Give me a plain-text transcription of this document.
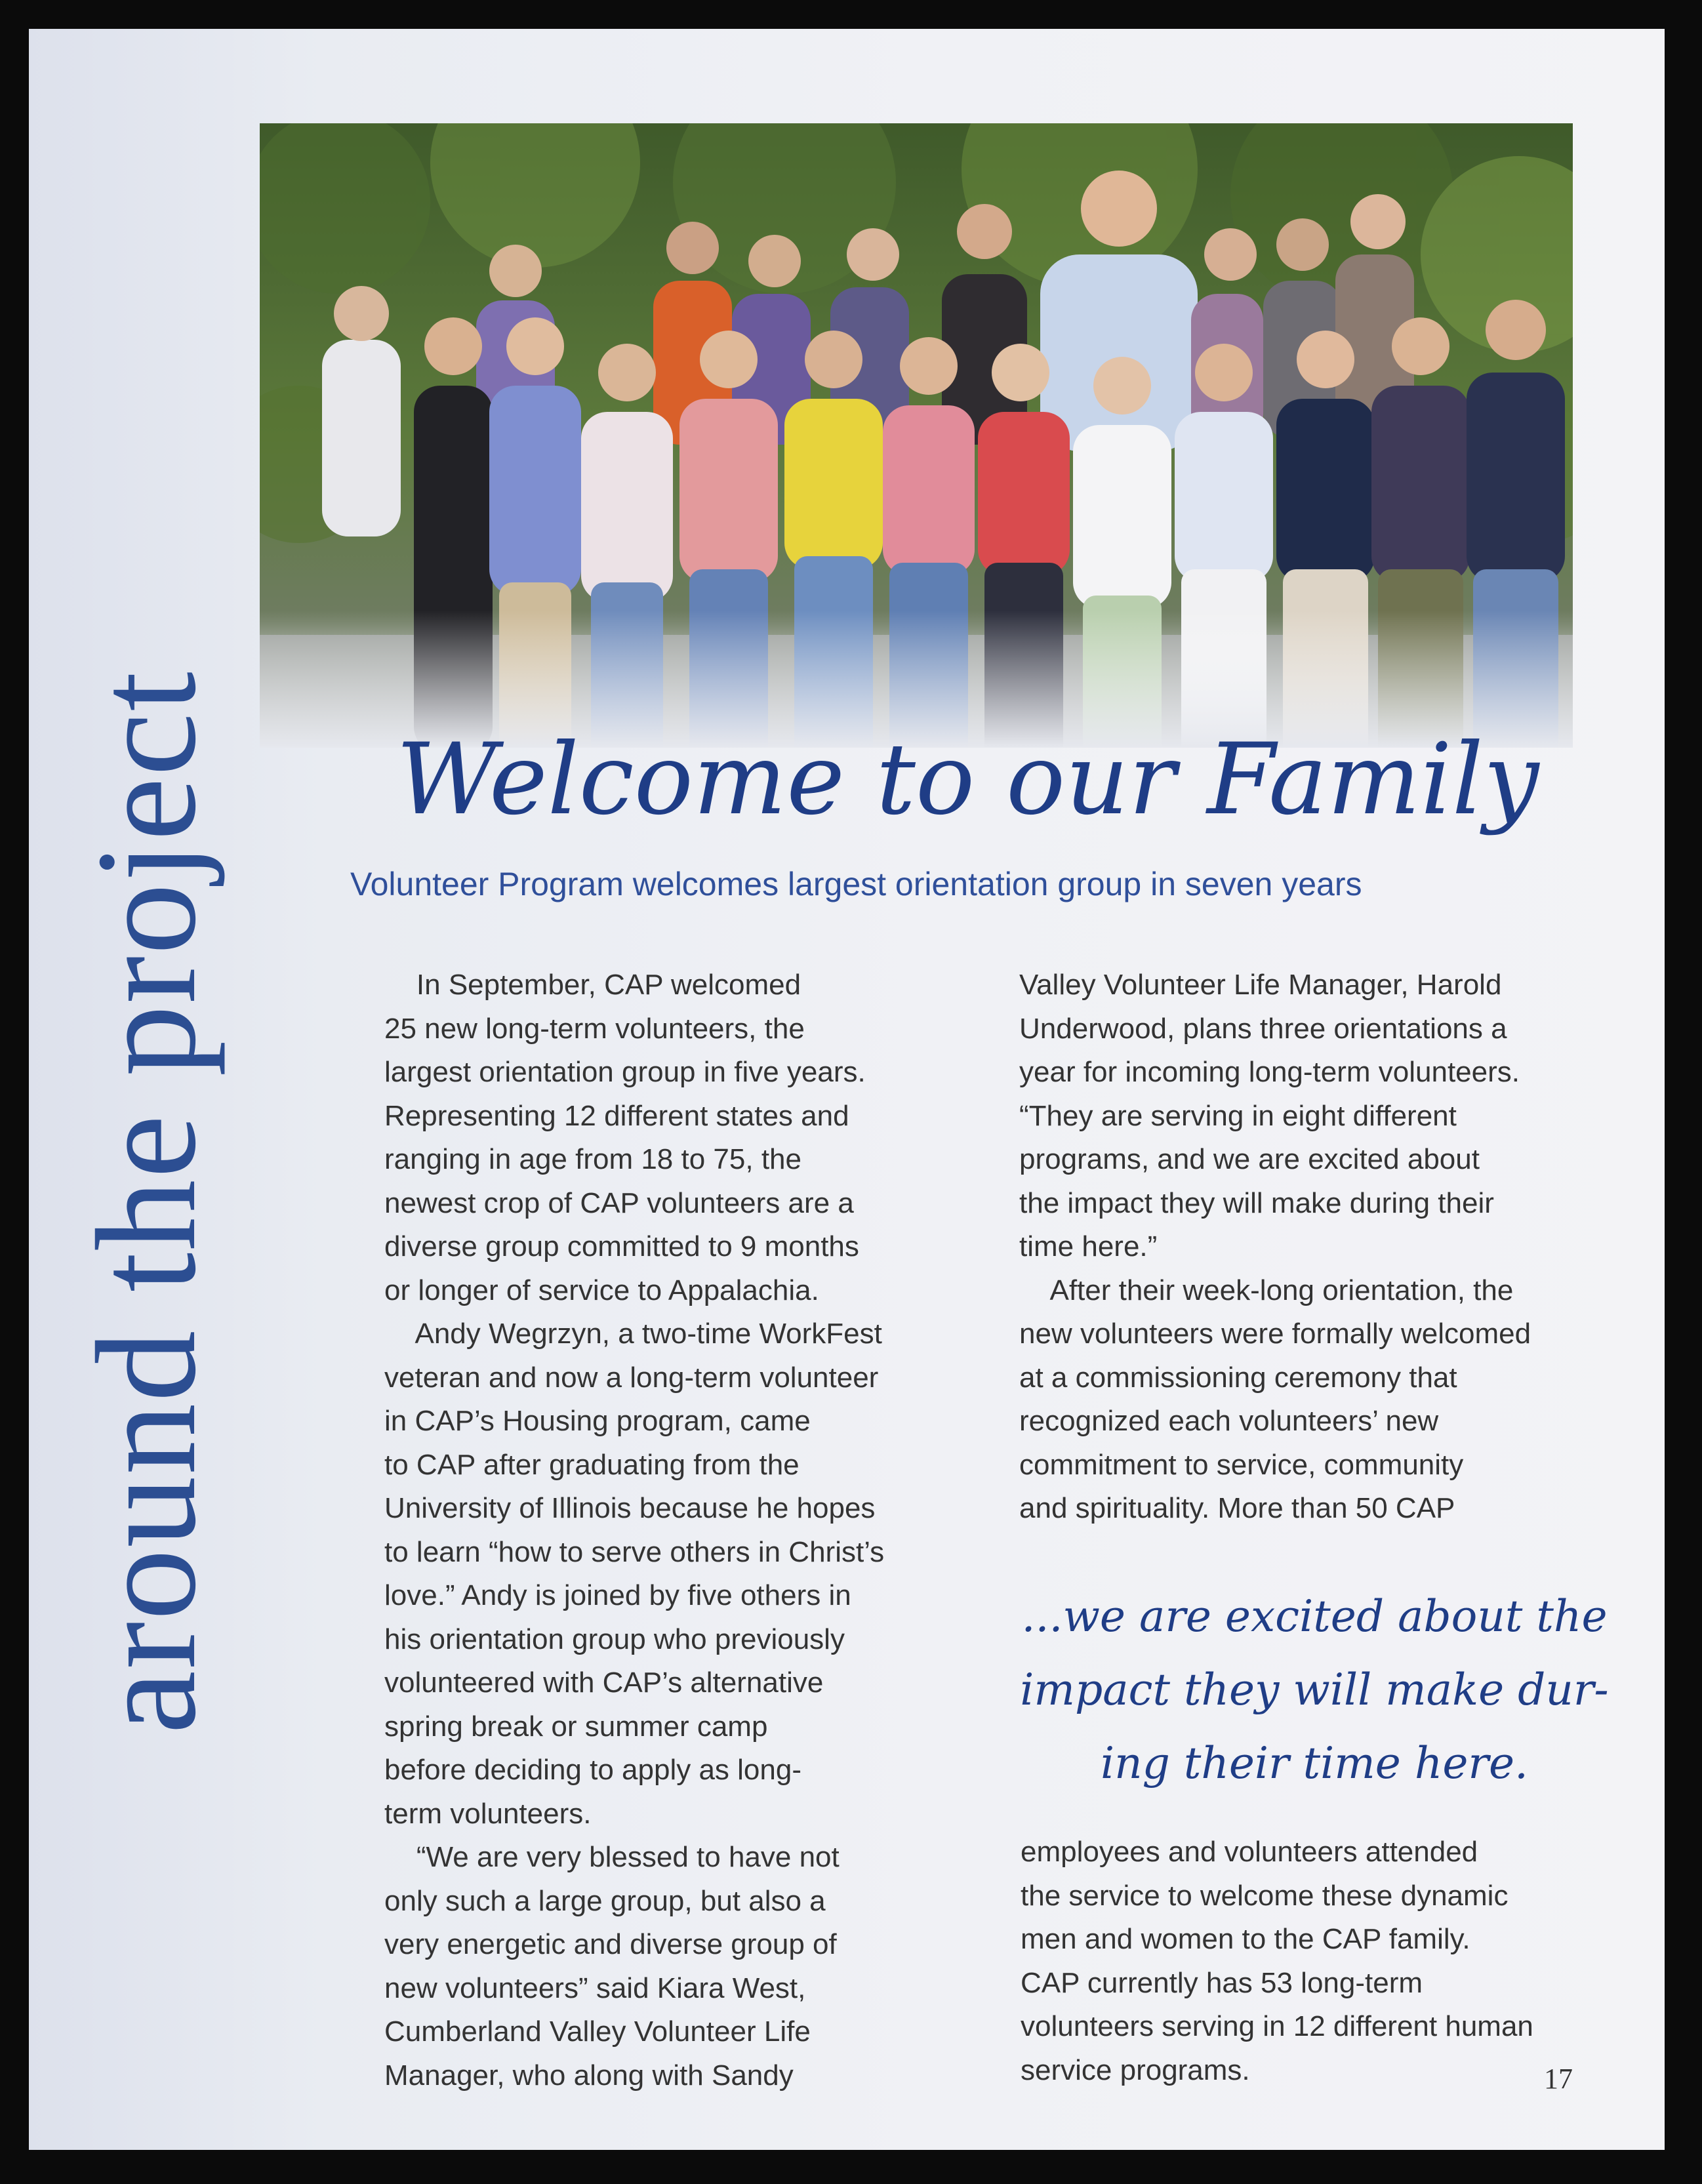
around the project Welcome to our Family
Volunteer Program welcomes largest orientation group in seven years

In September, CAP welcomed

25 new long-term volunteers, the

largest orientation group in five years.

Representing 12 different states and

ranging in age from 18 to 75, the

newest crop of CAP volunteers are a

diverse group committed to 9 months

or longer of service to Appalachia.

Andy Wegrzyn, a two-time WorkFest

veteran and now a long-term volunteer

in CAP’s Housing program, came

to CAP after graduating from the

University of Illinois because he hopes

to learn “how to serve others in Christ’s

love.” Andy is joined by five others in

his orientation group who previously

volunteered with CAP’s alternative

spring break or summer camp

before deciding to apply as long-

term volunteers.

“We are very blessed to have not

only such a large group, but also a

very energetic and diverse group of

new volunteers” said Kiara West,

Cumberland Valley Volunteer Life

Manager, who along with Sandy

Valley Volunteer Life Manager, Harold

Underwood, plans three orientations a

year for incoming long-term volunteers.

“They are serving in eight different

programs, and we are excited about

the impact they will make during their

time here.”

After their week-long orientation, the

new volunteers were formally welcomed

at a commissioning ceremony that

recognized each volunteers’ new

commitment to service, community

and spirituality. More than 50 CAP

...we are excited about the
impact they will make dur-
ing their time here.

employees and volunteers attended

the service to welcome these dynamic

men and women to the CAP family.

CAP currently has 53 long-term

volunteers serving in 12 different human

service programs.	17
